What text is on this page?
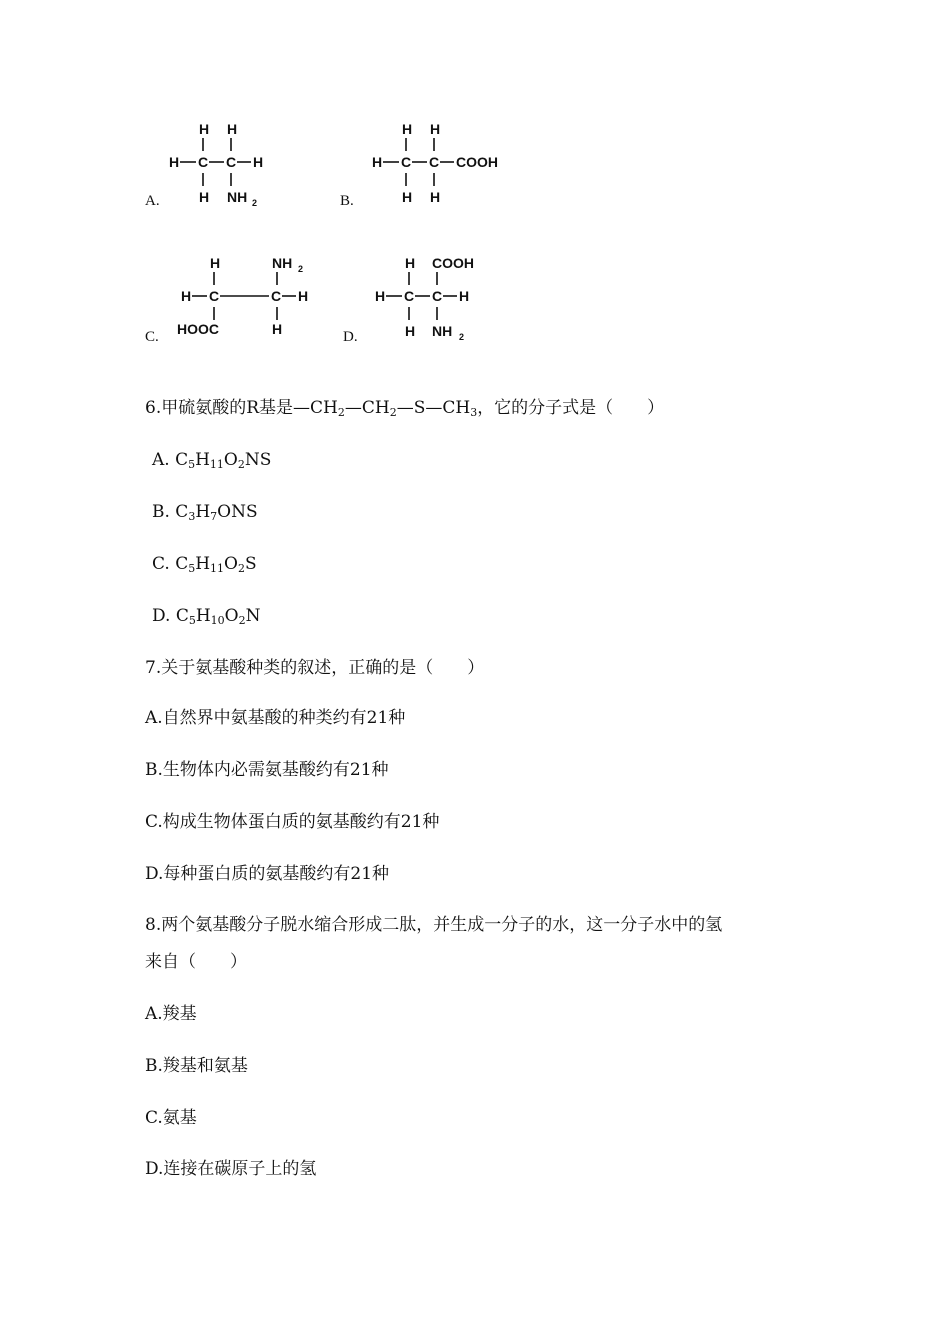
A.
H H
H C C H
H NH 2	B.
H H
H C C COOH
H H
C.
H	NH 2
H C	C H
HOOC	H	D.
H COOH
H C C H
H NH 2
6.甲硫氨酸的R基是$—CH_2—CH_2—S—CH_3$，它的分子式是（　　）
A. $C_5H_{11}O_2NS$
B. $C_3H_7ONS$
C. $C_5H_{11}O_2S$
D. $C_5H_{10}O_2N$
7.关于氨基酸种类的叙述，正确的是（　　）
A.自然界中氨基酸的种类约有21种
B.生物体内必需氨基酸约有21种
C.构成生物体蛋白质的氨基酸约有21种
D.每种蛋白质的氨基酸约有21种
8.两个氨基酸分子脱水缩合形成二肽，并生成一分子的水，这一分子水中的氢
来自（　　）
A.羧基
B.羧基和氨基
C.氨基
D.连接在碳原子上的氢
